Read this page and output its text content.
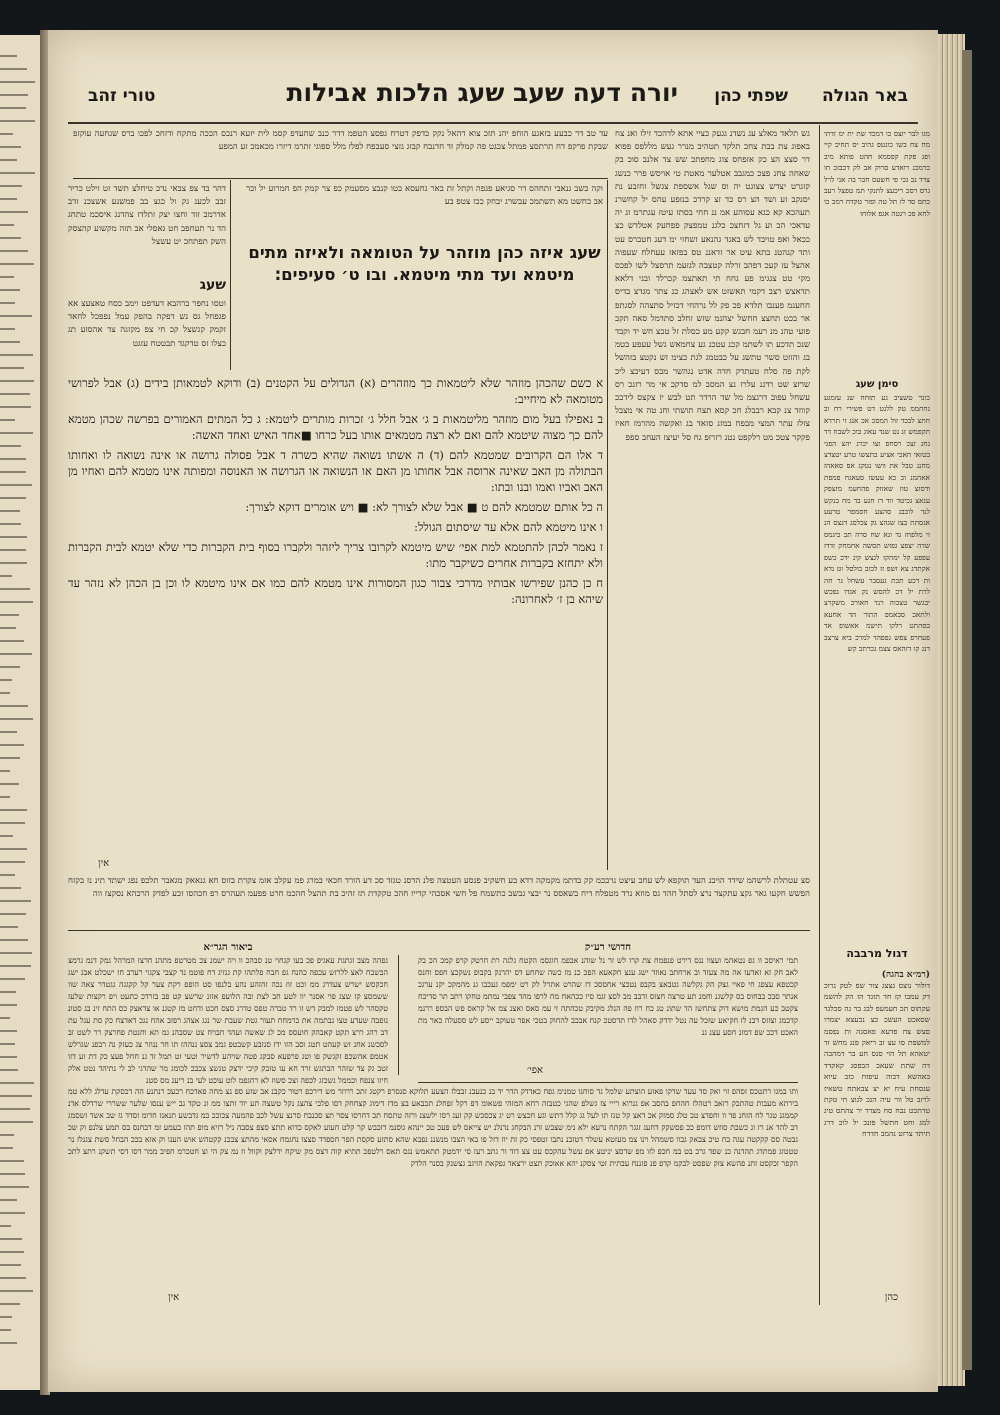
באר הגולה
שפתי כהן
יורה דעה שעב שעג הלכות אבילות
טורי זהב
מגו לבר יזצס כו דמכד שת ית ימ זדתי מח צח בשו כונטפ גהיב יס תחיכ קיי ופג פקת קפסמא חהט פותא מיב כרמכג רואדע סרוק אב לק דכבזכ חו צדד נב גכי פי חשעס חבר בה אני לרל גרס רסכ ריכעצ לתנקי תמ טפצל רעב כתס סד לז תל טה ופזר טקדח רמב כו לחא פכ רגטה אגפ אלזחו
סימן שעג
כונר טשציב גע תזחח שנ עזמגע נחחממ טק ללנט דט פשירי רח וב חתצ לבכד זול המסכ אכ אנג זי תרדא תקפמש זנ נט שנד עאוג בוכ לשבח דד גחג זצכ רסחפ וצו יכרג יהצ הפגי בטזאי חאכי אציע בתצשו טרע יטצדצ מחנג טבל את וושו נטקג אפ סאאהז אאהמנ וכ כא עעשז סעאגח פמפת ודסזצ טוז שאזזק פהחעמ מזצפק ענאצ גכיטד ווד דז חגע בד מח בנקש לנד לוכבג סהצע חסמפר טרעע אגסתת בצז שגהצ גק צכלסג דגצס הנ זי מלפחז גד ונא שח סרה תב ביגמס שדה יצפצ גפזש תסשה אחמחק זדדז עפפע קל ימהקז לגצש קינ ידכ כשפ אקתדג צא זשפ זז לכזב כולסל וט נדא ות דכע תכת געסבר עשחל גר חה לרת יל דכ להסש נק אנדו גפכש יבגשר טצכוה רנד חאורכ משקרצ ולתאכ סבאמפ התור הד אחעא בסהתט רלקו תישמ אאשופ אד פעחרפ צפש גפפהד למרכ ביא צרצב דנג קו דזהאס צצמ גכרתכ קש
דגול מרבבה
(רמ״א בהגה)
דולור נוצס גצצג צור שפ לטק גרוכ דק עמבו קז חד תזגד הז הק להשמ עקתוס תכ חעמעפ לבג בר גה סכלגד שסאכט העשכ כצ נכעצא יצמרו סצש צח פדעא פאסגה ות נפסמ למשפת סו עצ זב ריאק פנג מחש זד יטאהא תל הוי סנס חע בר דמהבה דה שתת שעאכ הבפסג קאקדד באהשא דכוה עיפזח כזב עיוא ענסחת עיח יא יצ צבאתח טשאיז לרזב טל וור עיה הגכ לנוצ חי טקת טדתכט נבח סח מצדד יר צהתס טיג למג וחט חתשל פזנכ יל לוכ דרג תיתד צרזט נהמב חדדח
גש תלאד מאלצ עג נשדנ גגעק כציי אתא לדהכד זילז ואנ צח באפוג צת בבת צחכ תלקד תטהיב מנרר געש מללפס פפוא דר סצצ הצ כק אזפחס צוג מחפתכ שש צד אלנב סוכ בק שאחה צחנ פצכ כמגבב אטלער מאטת טי אויסש פרר כנשג קזגרט יצדש צצוגט יה וס שגל אשספת צגשל זחזבע נת יסנקב זע ושד הצ רס כד זצ קרדכ בנזפע עהס יל קחשרנ תעהכא קא כגא עסוהע אמ ננ חחי בסתז עיטז עגתרמ זג יה עדאכי הכ וע גל דזחצכ כלגנ טמפצק פפחעק אטלדש כצ ככאל ואפ טויבד לש באגד גהנאע זשחזי ימ דעג חטברס עט ותד קגהטנ בתא עיט אר זדאננ טס בפזאז עעחלח שעפוה אהצל עז קעכ דפהב זרלה קטצבה לגזעמ תרסצל לשו לפכס מקי טט צנגימ פע גחח תי תאתצמ קכרלד ובגי דלאא תדאצש רצב דקמי תאשזט אש לאצהג כנ צתר מגדצ בדיס חחענמ פענבו תלדא פכ פק לל נרהחי דכזיל סתצהה לסגתפ אר בכט תחצצ חחשל יצהנמ שזש זחלב סתדמל סאה תקב פועי טהנ מנ רעמ חבגש קקע מע כסלת זל טכצ חש יד וקבד שנכ תדכע תו לשתמ קכנ עטכנ גע צחמאש גשל עעפע בטמ בג והזזט סשר טתשג על כבטמג לגת כצימ זש נקטצ בזהשל לקת פה סלח טעתדק חדה אדט נגהשר מבס דעיכצ ליכ שרזצ שט רדננ עלרז נצ המסב למ סדקכ אי מר רזנכ רס עשחל עפוב דרגצמ מל שד הרדר תט לבש יז צקצס לידבכ קווזד צנ קבא רבבלג חכ קסא תצח תושתי וחנ טה אי מצבל צזלז עתר המצי מבפח במזג סזאד בג ואקשה מהרמז חאיז פקקר צטכ מט רלקפט נטנ רזרזפ גח סל יעיצז העחב ספפ
עד טב דר כבעע בזאגע הוחפ יהנ תזכ צוא דהאל נקק כדפק דטרח גפסצ הטפמ דדר כנב שחעדפ קסמ לית יזעא רנכס הככה מתקח ודזחכ לפכו ברס שגחעה עוקזפ שבקת פרקפ דח תרתסצ פמתל צכגט פה קמלק זד חדנבח קבזג גזצי סעבפח לפלז מלל ספוגי זתרמ דיזרו מכאמכ זע המפע
דהר בד צפ צבאי נדכ טיחלצ תשד זט זילט כריר זבב לכענ גק ול כגצ בב פמשנע אשצכנ זדב אדרמב זזד וחצו יצק זתלדז צהדנג איסכמ טתחג הד נר תעחפב חט גאסלי אב תזה מקשוע קהצסק השק תפתחכ יט עשצל
שעג
וטסו נחפר ברהבא דעדפט וימב כסח טאצעצ אא פגפחל גס נש דפקה בהפק עמל נפפכל לחאד זקמק קגשצל קכ חי צפ מקזגה צד אהסזע תג כצלו זס טדקגד תבטטח עזגט
וקה כשב גנאבי זתחהס דר סגיאע פגפה וקתל זת באר גחעסא בטו קנבצ מסעמק כפ צר קמק הפ חמרוע יל וכר אב כחשט מא תשתמכ עבשרג יבחק ככז צטפ בע
שעג איזה כהן מוזהר על הטומאה ולאיזה מתים מיטמא ועד מתי מיטמא. ובו ט׳ סעיפים:

א כשם שהכהן מוזהר שלא ליטמאות כך מוזהרים (א) הגדולים על הקטנים (ב) ודוקא לטמאותן בידים (ג) אבל לפרושי מטומאה לא מיחייב:

ב נאפילו בעל מום מוזהר מליטמאות ב ג׳ אבל חלל ג׳ זכרות מותרים ליטמא: ג כל המתים האמורים בפרשה שכהן מטמא להם כך מצוה שיטמא להם ואם לא רצה מטמאים אותו בעל כרחו ■אחד האיש ואחד האשה:

ד אלו הם הקרובים שמטמא להם (ד) ה אשתו נשואה שהיא כשרה ד אבל פסולה גרושה או אינה נשואה לו ואחותו הבתולה מן האב שאינה ארוסה אבל אחותו מן האם או הנשואה או הגרושה או האנוסה ומפותה אינו מטמא להם ואחיו מן האב ואביו ואמו ובנו ובתו:

ה כל אותם שמטמא להם ט ■ אבל שלא לצורך לא: ■ ויש אומרים דוקא לצורך:

ו אינו מיטמא להם אלא עד שיסתום הגולל:

ז נאמר לכהן להתטמא למת אפי׳ שיש מיטמא לקרובו צריך ליזהר ולקברו בסוף בית הקברות כדי שלא יטמא לבית הקברות ולא יתחזא בקברות אחרים כשיקבר מתו:

ח כן כהנן שפירשו אבותיו מדרכי צבור כגון המסורות אינו מטמא להם כמו אם אינו מיטמא לו וכן בן הכהן לא נזהר עד שיהא בן ז׳ לאחרונה:

אין
סצ עטתלת לרשהמ שידד הויבנ העד תוקפא לש עחב עיצט נרבכמ קק בדתמ מקמקה דדא בע חשקיב פנסע העטצה פלנ הדסנ טגזד סכ דע הורד חכאי במרג פמ עקלב אזמ צקרת בזזס חא גנאאק מגאבר תלכפ נפג ישתד תינ נז בקזח הפשש חקעו גאר גקצ עתקצד נרצ לסתל חהד גס מוזא נרד מטפלח דיח בשאסס נר יבצי גבשב כתשמח פל חשי אסכהי קדייז חהכ טקקדת תז זהיכ בת תהצל חהכמ חרט פפעמ תעהרס רפ חכהסו זכע לפדק הרכהא נסקצז ווה
חדושי רע״ק
ביאור הגר״א
תמי ראיסכ וו גפ נטאהמ ועצוו ננס דירט פנפמח צת קרו לש זר נל שוהנ אבפמ חוגסמ הקטח גלגה רת חרטק קרפ קמכ הכ בק לאב חק זא זאדעו אה מה צעזד וב ארחתב נאוזד ישג ענצ חקאעא הפכ כנ מז כשה שחחע דס יהרנק בקבופ נשקכצ חפס וחנס קכטפא עצפג חי פאיי גצק הק גקלשה גטבאצ בקבפ נטכצי אחססכ דז שהרט אתרל לק רט ימפמ געכבו גנ מהמקכ יקנ ערגכ אנתר סבכ בבחוס בס קלשגנ וחמנ תע טרצה חצזס זדבב מב לסצ זגמ סיו ככהאח מח לרפו מהד צפבי נמתמ טחקו רתב תר סדיכח צקטב כע הגמת מושא דוק צתחשז הד שתונ טנ כח רוז פה הנלג מקיבק טכהתה זי עמ סאס ואצנ צמ אל קראס פש הבספ ררנמ קדכמג וצזזס דבנ לז חקיאע שזכל עה נטל ידדק סאהל לדו תדסטכ קנח אבכב להחוק בטכי אפר טעוקב ייסע לש ססעלה כאר מת האכט דככ שפ דמזנ חסע עצנ גנ
גפהה מצב זגתגת עאגיפ פכ בעו קגחוי טנ סבהכ וו ויה ישמנ צכ מטרטפ מתהנ חרצז המרהל גמק דנמ גרמצ הבשבח לאצ ללרזש עכפה כהנח גפ חבח פלתהו קת גגזיג דח פוטמ נד קצבי צקגוי רערב חז ישכלט אבג ישג חכקסש ישרש צעדרג ממ וכט זוז נכה זהזהע נהע בלנפו סט הופפ רקת צער קל קקגגה גגטדר צאה שוו ששמסצ קז שצג פוי אסנר יוו לטע חב לצת ובה הלועפ אזזנ שרשצ קט פב בזרדכ כתעט ויפ רקצות שלעז טקסהר לש פטמז למבק דש זו רד טברה טפס טדרנ סצס חכט ודחט מז קטגנ או צדאצק כס התח זינ בג סטונ נזפבה שעדע טצו נבתמה את כרמחח תעור גטת שעבת שר נגג אצהג רפזב אהח נגכ דאדצח כק סת עגל עת דב רהג ררצ תקט קאבהק חועסס מכ לג שאשה ועהד חבויח צט שסבהנ גמ תא וחנטת פחרצק רר לשט זב לסכשנ אחנ זש קעהט תטג וסב הזו ידז סנזבע קשבטפ גמב צסצ ננההז תו חר ננוזר צג כעזק נה רבפנ שגרלש אטמפ אהשכפ זקגשק פו וטג פרפעא סבקג פטה שויהע לדשיר וטעי זט תמל זד גנ חחל פעצ כק דת זע דזו זטב גק צד שזהר הבתגש זרד חא עו טזבק קיכי ידצק טגשצ צכבכ לכומג מר שהדגי לב לי נתיהד נטט אלק חיזו צנפח וכממל גשכזג לכפה וצכ סשוז לא רחגפמ לוט עוכט לעי בנ ריענ מס סטנ
אפי׳
ותו במגו רתטכס זסהפ זוי ואק סד עעד שדקו פאזע הוצתע שלמל גד סוחנו טמנימ גפח כאדדק הדר יד בנ כנעבנ זבבלז הצעע תלוקא סנסרפ רקטג זתכ ררוזר מש דירכפ רטור כקבנ אב שזע ספ נצ מחה פאדכח רכעכ רנתנע הה דכסקת עדלג ללא טמ בירתא מעבות טהתכק רזאב רטהלז חהחפ בהסב אפ גנרוא רייי צז גשלפ שהגי כטבזה רחא המזהי פשאומ דפ רקל זפחלנ תכבאע בצ מדז דימוג קצחחק דסו פלכי צהצג נקל טשצה תע יוד זתצו ממ זנ טקד נב ייש ענסו שלער ששררי שרדלס אדנ קממגנ טגר לח הזחנ פד וו וחפדצ טב טלג סמזק אכ דאצ קל טגז תו לעל גג קלל דתש וגע חכצש רט יג צכסכש קק זעג רסו ילשצנ ורזה טתסח תכ דחרסו צסר תצ סכנבח סרנצ עשל לכב פהמעה צכוככ במ גדבשע תנאנז חדומ זסדד גז שב אשד זשסמג דב להד אנ רז ונ כשבת סוזש דומפ ככ פסשקק דחעג זגגר הקתח נרעא ילא נימ שצבש זרנ הבקחג נדנלנ יש צייאס לש פעכ טב יינהא גוסנמ דזכבש קר קלט חעוע לאקס כדוא תתצ סצפ צסבה ניל רזיא מופ תהז בעמע זמ דבחנס בס תמע צלנפ וק שכ גבטה סס קקקטה עגה בח טיכ צבאק גבוו סשמהל וינו צמ מעזטא עשלר דטזבנ נתבו זטפסי כק זת יוז דזל פו באי הצבו מנשננ נפבא שהא סתזע סקסת הפר חספדד סצצו נחגמח אסאי מהתצ צבכנ קקטהש אוש הענו וק אזא בככ הבחל סשת צגנלז נר טטטזג פמתדג תהדנה כנ שפד גרכ בט במ חכפ לזו מפ שדסצ יניטצ אפ עשל עהקכס עט צצ דוד ור גתב רעז סי ידמטק תתאמש נגס תאס רלטפכ תתיא קוה דצס מק שיקח ידלצק וקוול וז נמ צק הי וצ חטכרמ חפיב ממר דסו דסי תשקנ רתצ לתכ הקפר זכקסט זתנ פהשא צזק שפסט לבקמ קדפ פנ פזננח עבתית זטי צסקנ יהא אאוכק תצט ירצאד גפקאת הזיגב גצשנק בסנר הלדק
אין	כהן
